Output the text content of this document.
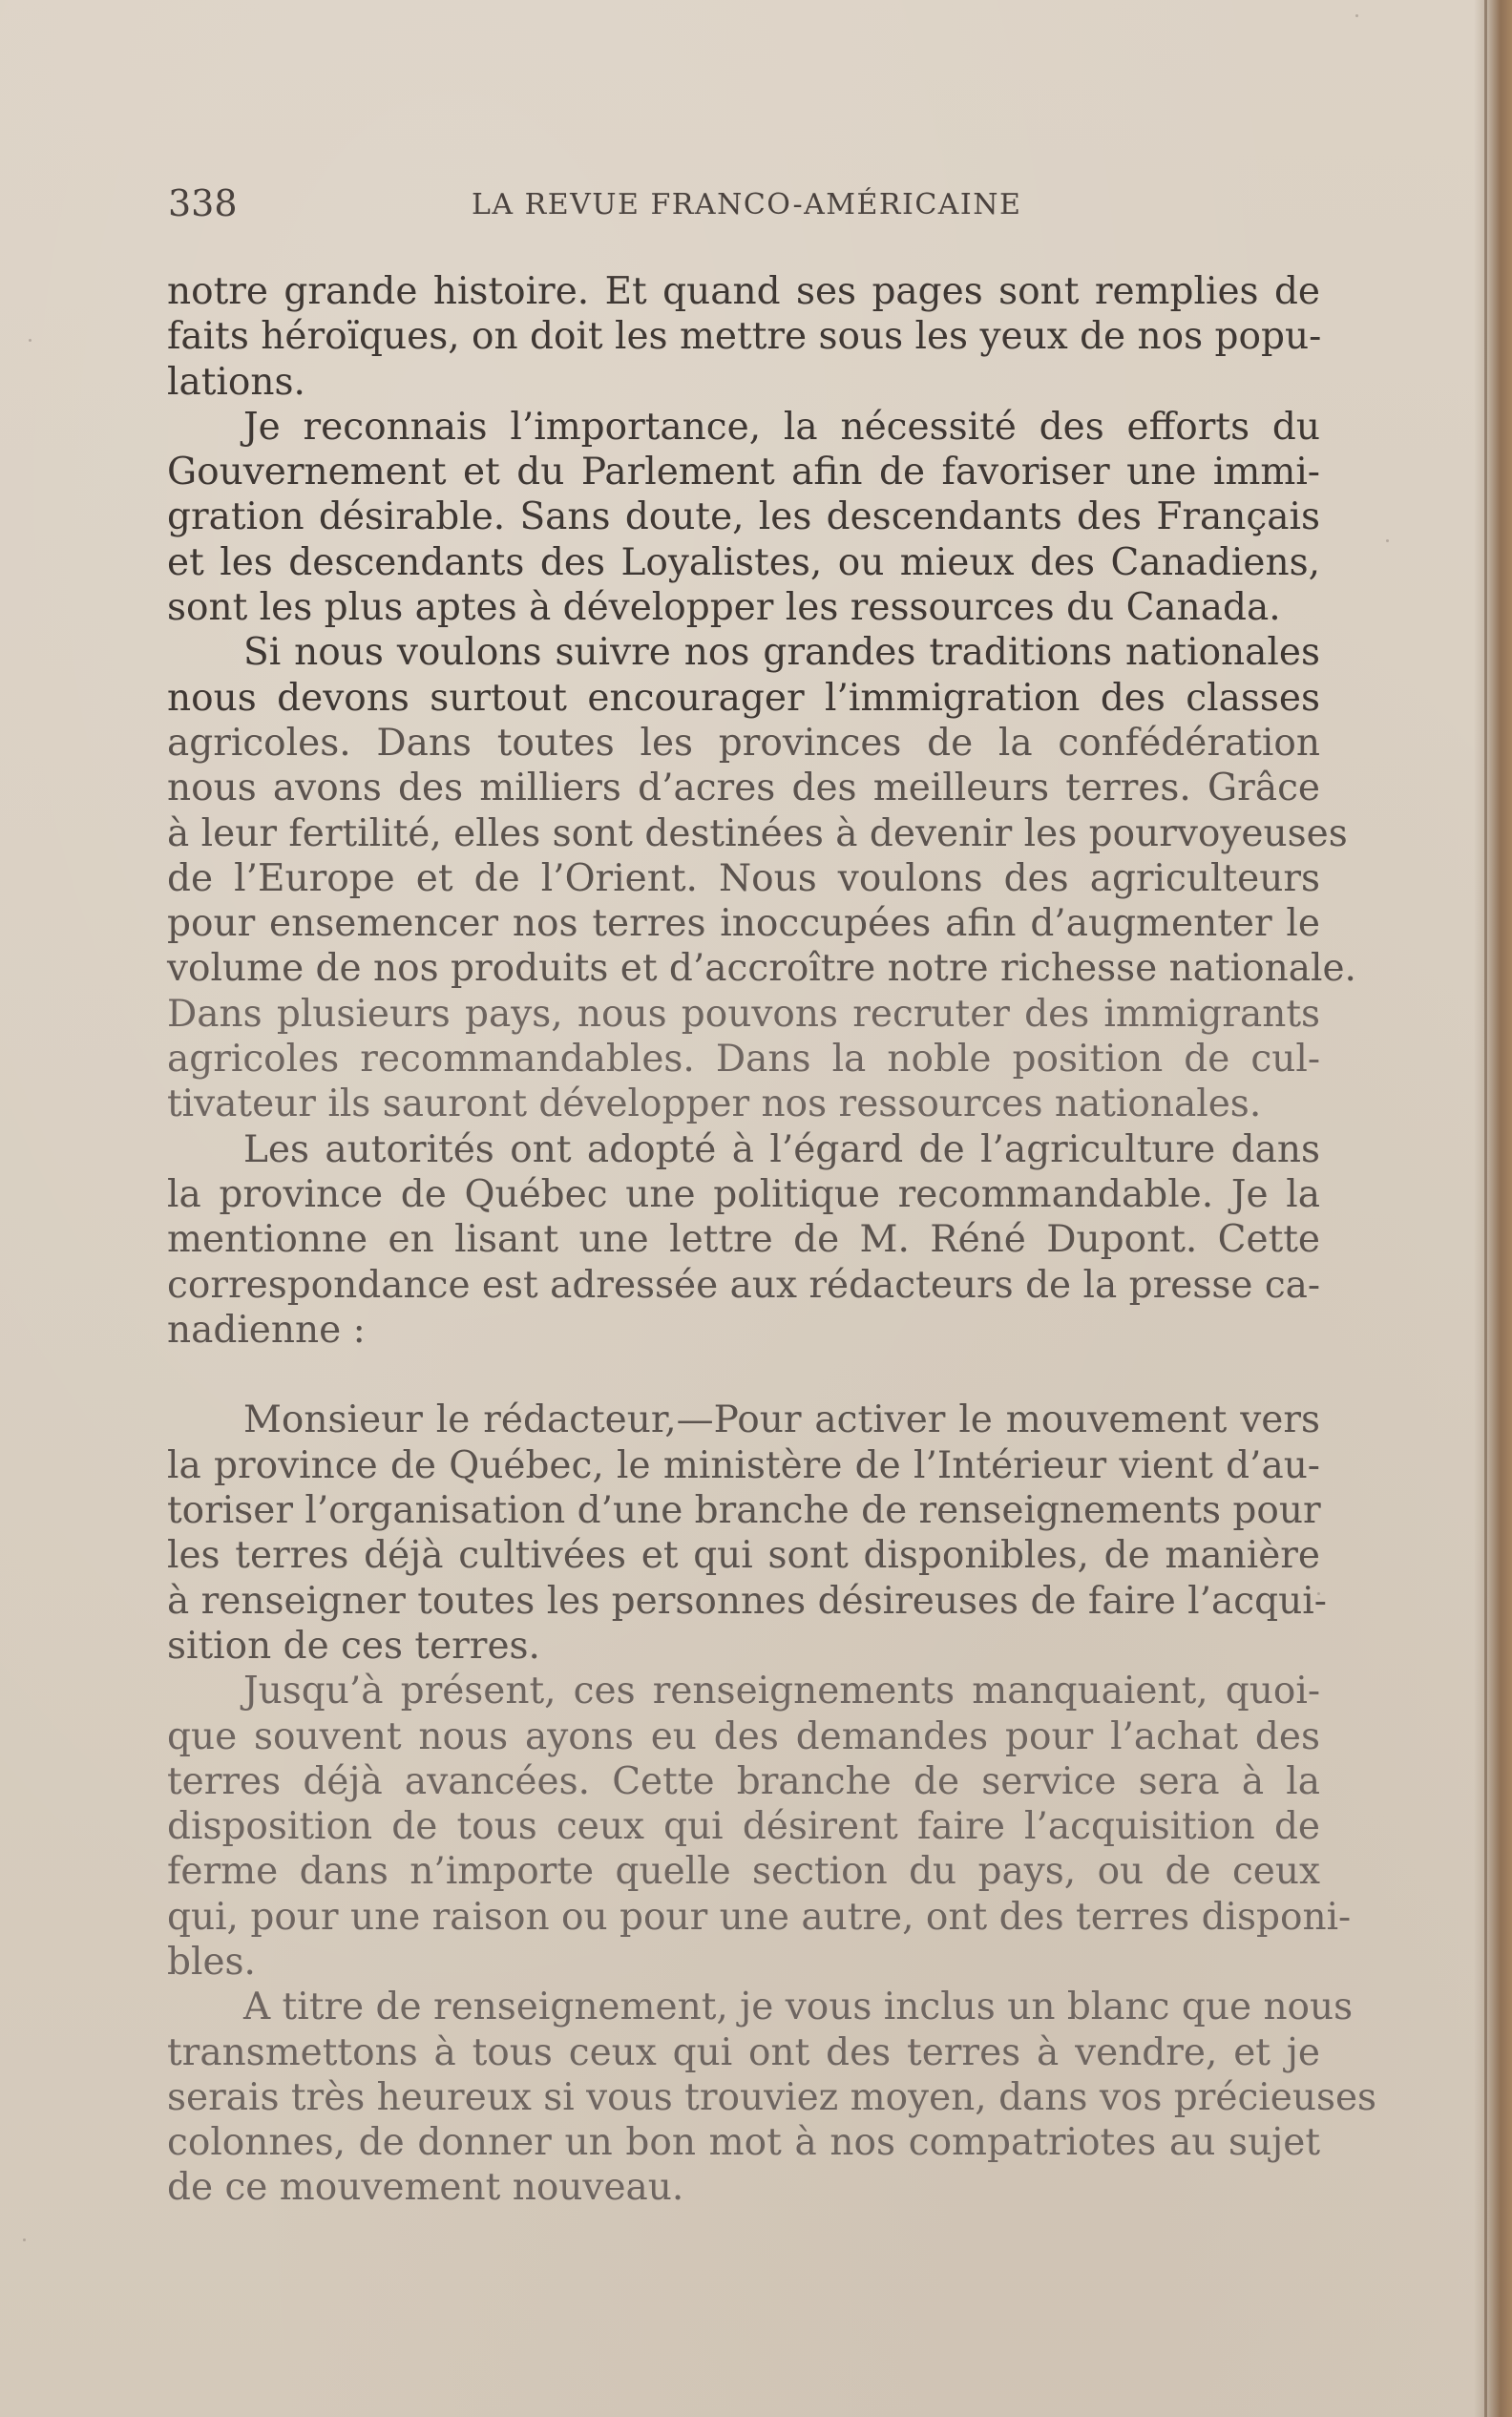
338	LA REVUE FRANCO-AMÉRICAINE
notre grande histoire. Et quand ses pages sont remplies de
faits héroïques, on doit les mettre sous les yeux de nos popu-
lations.
Je reconnais l’importance, la nécessité des efforts du
Gouvernement et du Parlement afin de favoriser une immi-
gration désirable. Sans doute, les descendants des Français
et les descendants des Loyalistes, ou mieux des Canadiens,
sont les plus aptes à développer les ressources du Canada.
Si nous voulons suivre nos grandes traditions nationales
nous devons surtout encourager l’immigration des classes
agricoles. Dans toutes les provinces de la confédération
nous avons des milliers d’acres des meilleurs terres. Grâce
à leur fertilité, elles sont destinées à devenir les pourvoyeuses
de l’Europe et de l’Orient. Nous voulons des agriculteurs
pour ensemencer nos terres inoccupées afin d’augmenter le
volume de nos produits et d’accroître notre richesse nationale.
Dans plusieurs pays, nous pouvons recruter des immigrants
agricoles recommandables. Dans la noble position de cul-
tivateur ils sauront développer nos ressources nationales.
Les autorités ont adopté à l’égard de l’agriculture dans
la province de Québec une politique recommandable. Je la
mentionne en lisant une lettre de M. Réné Dupont. Cette
correspondance est adressée aux rédacteurs de la presse ca-
nadienne :
Monsieur le rédacteur,—Pour activer le mouvement vers
la province de Québec, le ministère de l’Intérieur vient d’au-
toriser l’organisation d’une branche de renseignements pour
les terres déjà cultivées et qui sont disponibles, de manière
à renseigner toutes les personnes désireuses de faire l’acqui-
sition de ces terres.
Jusqu’à présent, ces renseignements manquaient, quoi-
que souvent nous ayons eu des demandes pour l’achat des
terres déjà avancées. Cette branche de service sera à la
disposition de tous ceux qui désirent faire l’acquisition de
ferme dans n’importe quelle section du pays, ou de ceux
qui, pour une raison ou pour une autre, ont des terres disponi-
bles.
A titre de renseignement, je vous inclus un blanc que nous
transmettons à tous ceux qui ont des terres à vendre, et je
serais très heureux si vous trouviez moyen, dans vos précieuses
colonnes, de donner un bon mot à nos compatriotes au sujet
de ce mouvement nouveau.
